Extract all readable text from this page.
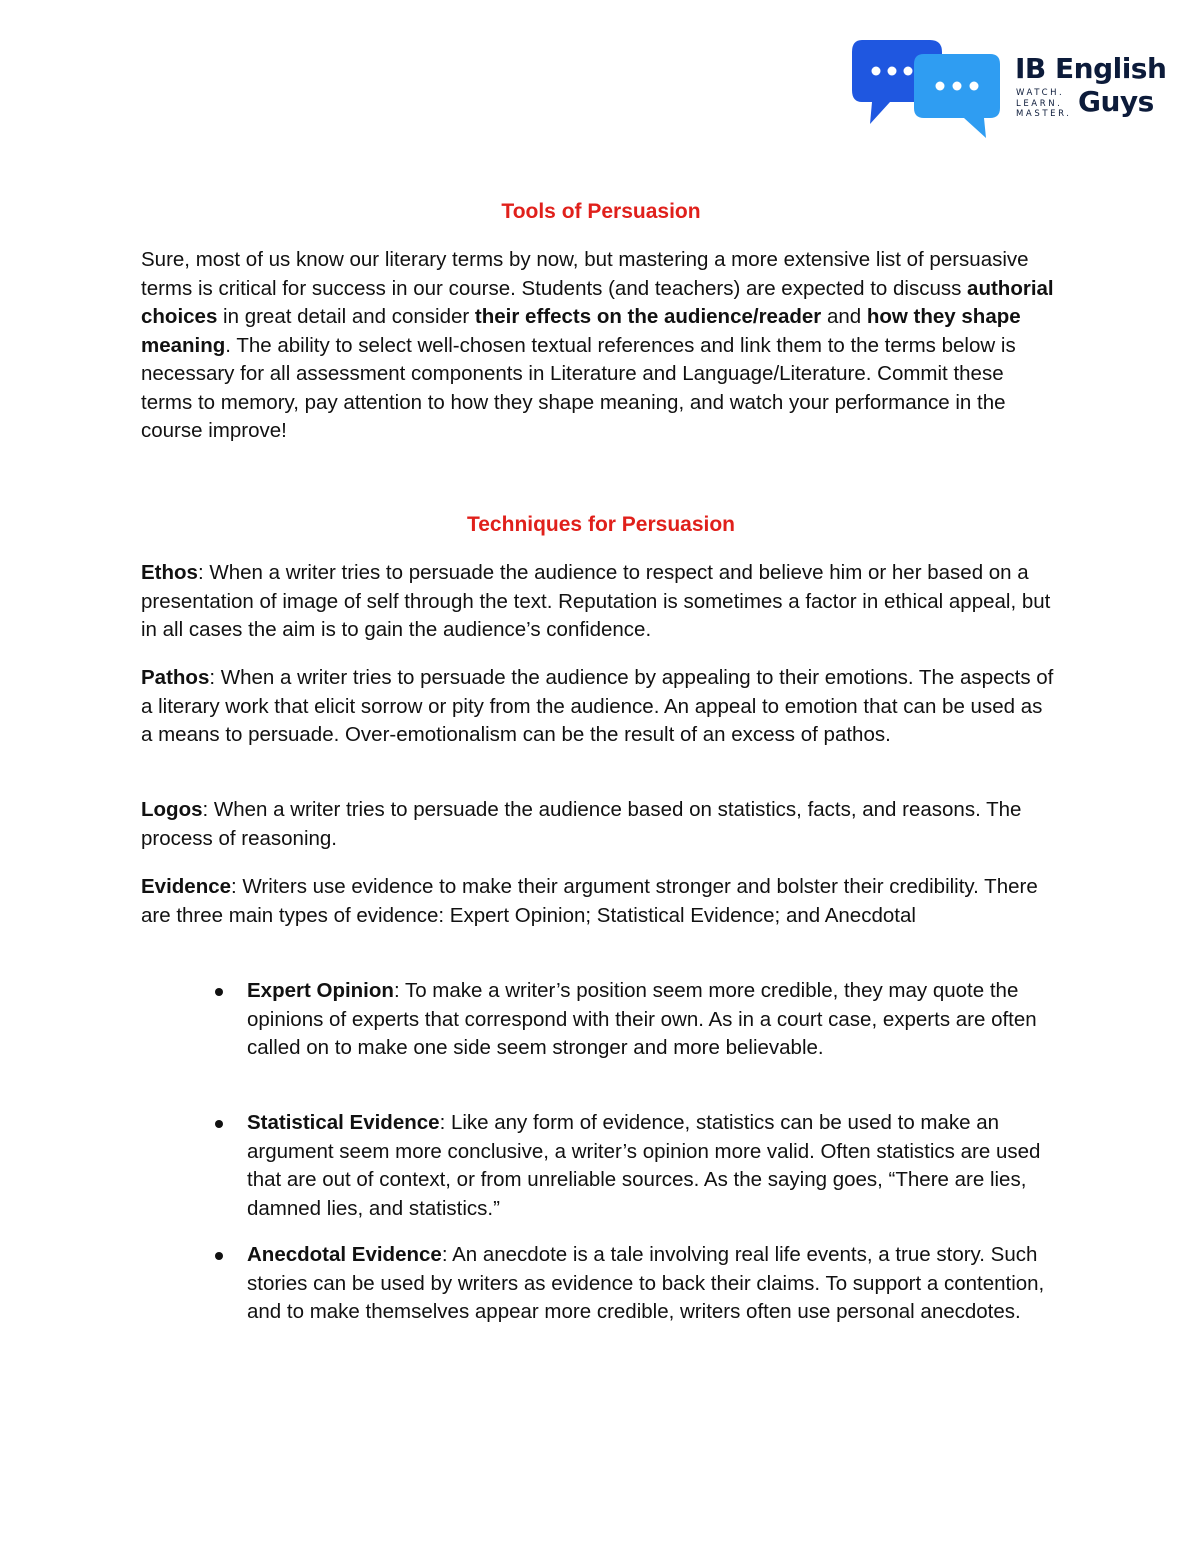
IB English
WATCH.
LEARN.
MASTER. Guys
Tools of Persuasion

Sure, most of us know our literary terms by now, but mastering a more extensive list of persuasive terms is critical for success in our course. Students (and teachers) are expected to discuss authorial choices in great detail and consider their effects on the audience/reader and how they shape meaning. The ability to select well-chosen textual references and link them to the terms below is necessary for all assessment components in Literature and Language/Literature. Commit these terms to memory, pay attention to how they shape meaning, and watch your performance in the course improve!

Techniques for Persuasion

Ethos: When a writer tries to persuade the audience to respect and believe him or her based on a presentation of image of self through the text. Reputation is sometimes a factor in ethical appeal, but in all cases the aim is to gain the audience’s confidence.

Pathos: When a writer tries to persuade the audience by appealing to their emotions. The aspects of a literary work that elicit sorrow or pity from the audience. An appeal to emotion that can be used as a means to persuade. Over-emotionalism can be the result of an excess of pathos.

Logos: When a writer tries to persuade the audience based on statistics, facts, and reasons. The process of reasoning.

Evidence: Writers use evidence to make their argument stronger and bolster their credibility. There are three main types of evidence: Expert Opinion; Statistical Evidence; and Anecdotal

Expert Opinion: To make a writer’s position seem more credible, they may quote the opinions of experts that correspond with their own. As in a court case, experts are often called on to make one side seem stronger and more believable.
Statistical Evidence: Like any form of evidence, statistics can be used to make an argument seem more conclusive, a writer’s opinion more valid. Often statistics are used that are out of context, or from unreliable sources. As the saying goes, “There are lies, damned lies, and statistics.”
Anecdotal Evidence: An anecdote is a tale involving real life events, a true story. Such stories can be used by writers as evidence to back their claims. To support a contention, and to make themselves appear more credible, writers often use personal anecdotes.
